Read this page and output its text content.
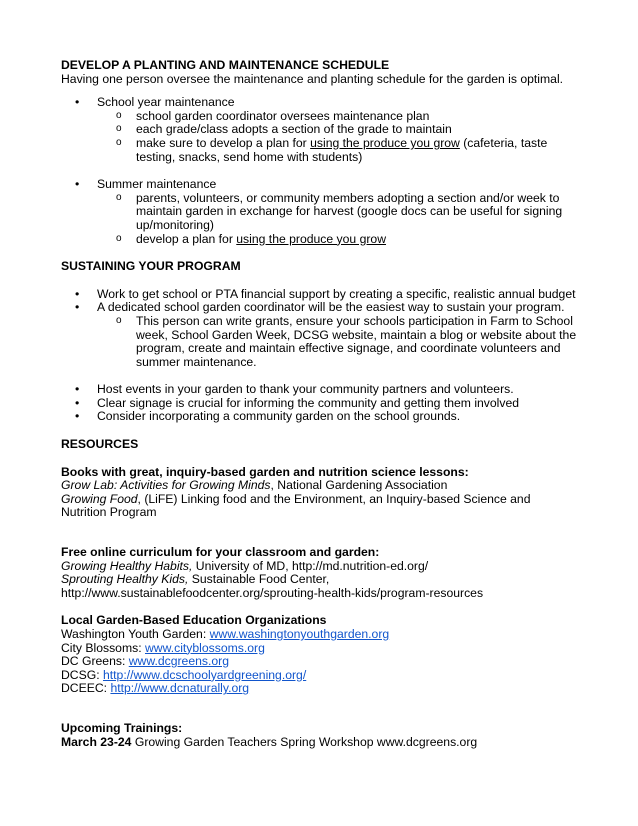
DEVELOP A PLANTING AND MAINTENANCE SCHEDULE

Having one person oversee the maintenance and planting schedule for the garden is optimal.

• School year maintenance
o school garden coordinator oversees maintenance plan
o each grade/class adopts a section of the grade to maintain
o make sure to develop a plan for using the produce you grow (cafeteria, taste testing, snacks, send home with students)
• Summer maintenance
o parents, volunteers, or community members adopting a section and/or week to maintain garden in exchange for harvest (google docs can be useful for signing up/monitoring)
o develop a plan for using the produce you grow
SUSTAINING YOUR PROGRAM
• Work to get school or PTA financial support by creating a specific, realistic annual budget
• A dedicated school garden coordinator will be the easiest way to sustain your program.
o This person can write grants, ensure your schools participation in Farm to School week, School Garden Week, DCSG website, maintain a blog or website about the program, create and maintain effective signage, and coordinate volunteers and summer maintenance.
• Host events in your garden to thank your community partners and volunteers.
• Clear signage is crucial for informing the community and getting them involved
• Consider incorporating a community garden on the school grounds.
RESOURCES
Books with great, inquiry-based garden and nutrition science lessons:

Grow Lab: Activities for Growing Minds, National Gardening Association

Growing Food, (LiFE) Linking food and the Environment, an Inquiry-based Science and Nutrition Program

Free online curriculum for your classroom and garden:

Growing Healthy Habits, University of MD, http://md.nutrition-ed.org/

Sprouting Healthy Kids, Sustainable Food Center, http://www.sustainablefoodcenter.org/sprouting-health-kids/program-resources

Local Garden-Based Education Organizations

Washington Youth Garden: www.washingtonyouthgarden.org

City Blossoms: www.cityblossoms.org

DC Greens: www.dcgreens.org

DCSG: http://www.dcschoolyardgreening.org/

DCEEC: http://www.dcnaturally.org

Upcoming Trainings:

March 23-24 Growing Garden Teachers Spring Workshop www.dcgreens.org
